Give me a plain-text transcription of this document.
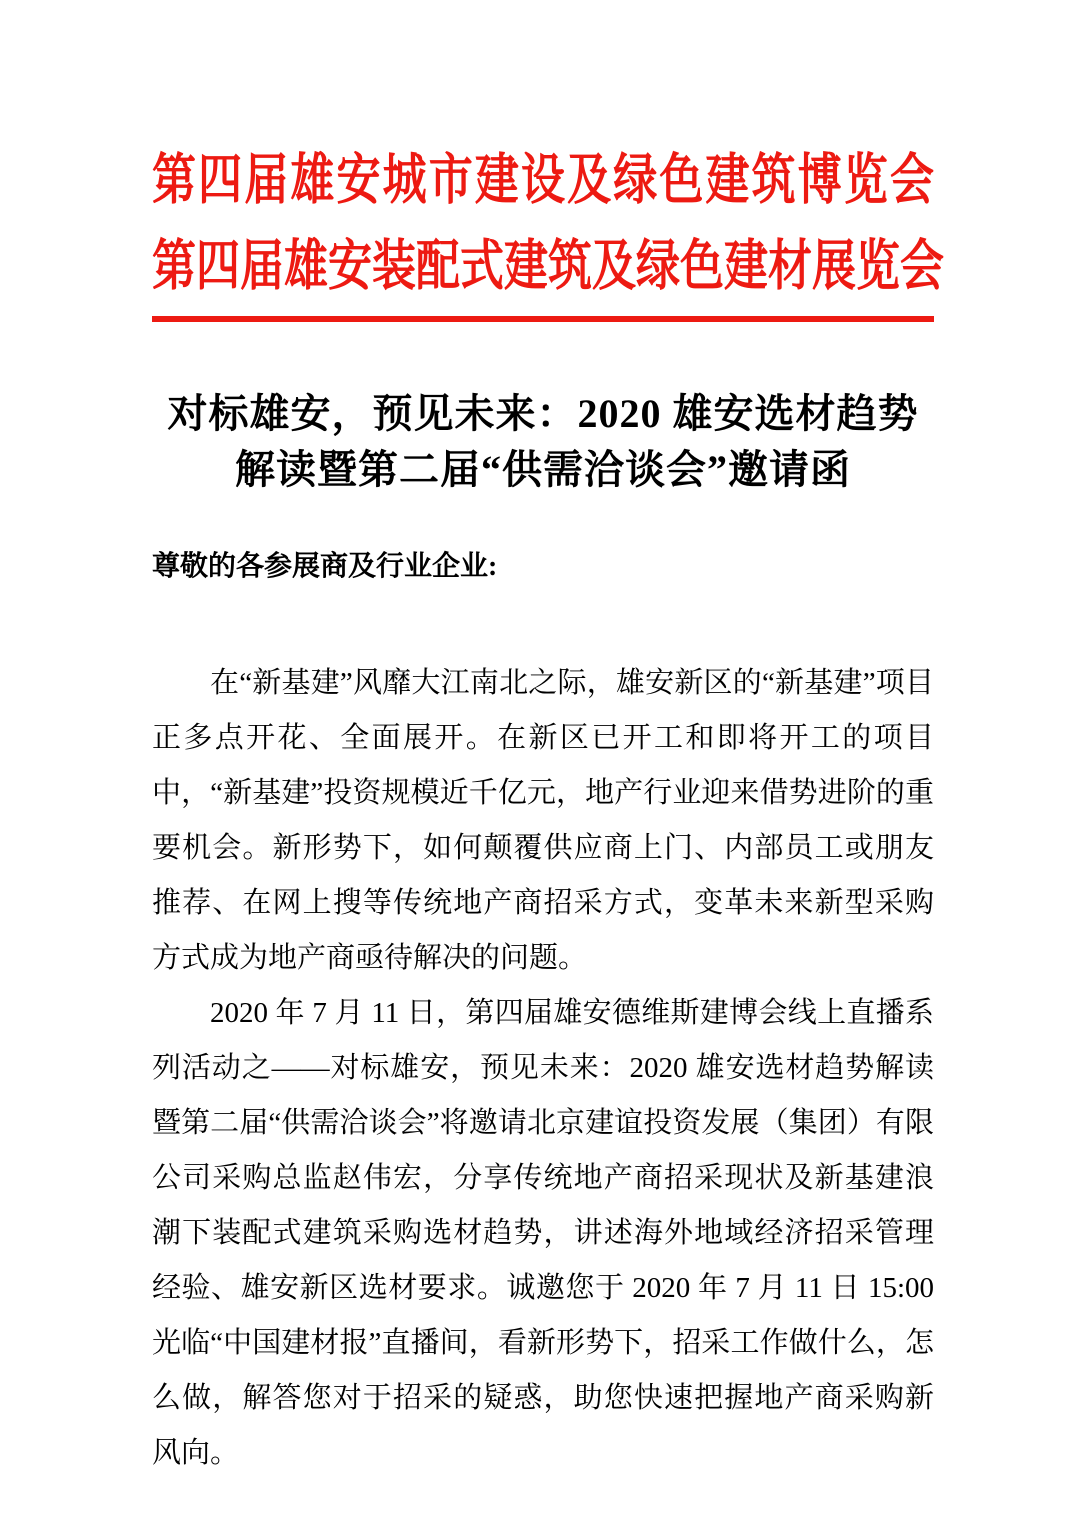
第四届雄安城市建设及绿色建筑博览会
第四届雄安装配式建筑及绿色建材展览会
对标雄安，预见未来：2020 雄安选材趋势
解读暨第二届“供需洽谈会”邀请函
尊敬的各参展商及行业企业:

在“新基建”风靡大江南北之际，雄安新区的“新基建”项目正多点开花、全面展开。在新区已开工和即将开工的项目中，“新基建”投资规模近千亿元，地产行业迎来借势进阶的重要机会。新形势下，如何颠覆供应商上门、内部员工或朋友推荐、在网上搜等传统地产商招采方式，变革未来新型采购方式成为地产商亟待解决的问题。

2020 年 7 月 11 日，第四届雄安德维斯建博会线上直播系列活动之——对标雄安，预见未来：2020 雄安选材趋势解读暨第二届“供需洽谈会”将邀请北京建谊投资发展（集团）有限公司采购总监赵伟宏，分享传统地产商招采现状及新基建浪潮下装配式建筑采购选材趋势，讲述海外地域经济招采管理经验、雄安新区选材要求。诚邀您于 2020 年 7 月 11 日 15:00 光临“中国建材报”直播间，看新形势下，招采工作做什么，怎么做，解答您对于招采的疑惑，助您快速把握地产商采购新风向。
